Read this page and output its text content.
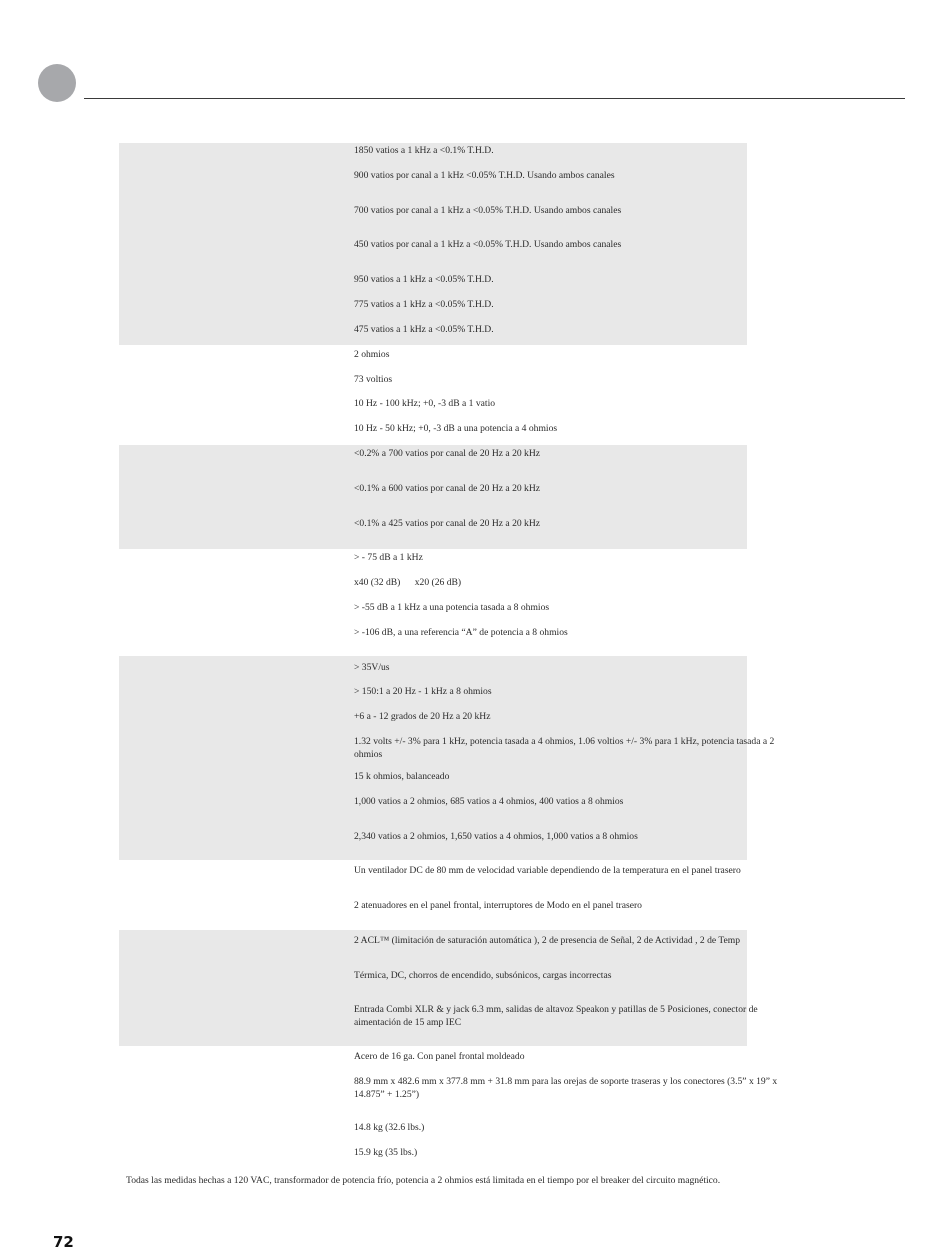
1850 vatios a 1 kHz a <0.1% T.H.D.
900 vatios por canal a 1 kHz <0.05% T.H.D. Usando ambos canales
700 vatios por canal a 1 kHz a <0.05% T.H.D. Usando ambos canales
450 vatios por canal a 1 kHz a <0.05% T.H.D. Usando ambos canales
950 vatios a 1 kHz a <0.05% T.H.D.
775 vatios a 1 kHz a <0.05% T.H.D.
475 vatios a 1 kHz a <0.05% T.H.D.
2 ohmios
73 voltios
10 Hz - 100 kHz; +0, -3 dB a 1 vatio
10 Hz - 50 kHz; +0, -3 dB a una potencia a 4 ohmios
<0.2% a 700 vatios por canal de 20 Hz a 20 kHz
<0.1% a 600 vatios por canal de 20 Hz a 20 kHz
<0.1% a 425 vatios por canal de 20 Hz a 20 kHz
> - 75 dB a 1 kHz
x40 (32 dB)      x20 (26 dB)
> -55 dB a 1 kHz a una potencia tasada a 8 ohmios
> -106 dB, a una referencia “A” de potencia a 8 ohmios
> 35V/us
> 150:1 a 20 Hz - 1 kHz a 8 ohmios
+6 a - 12 grados de 20 Hz a 20 kHz
1.32 volts +/- 3% para 1 kHz, potencia tasada a 4 ohmios, 1.06 voltios +/- 3% para 1 kHz, potencia tasada a 2 ohmios
15 k ohmios, balanceado
1,000 vatios a 2 ohmios, 685 vatios a 4 ohmios, 400 vatios a 8 ohmios
2,340 vatios a 2 ohmios, 1,650 vatios a 4 ohmios, 1,000 vatios a 8 ohmios
Un ventilador DC de 80 mm de velocidad variable dependiendo de la temperatura en el panel trasero
2 atenuadores en el panel frontal, interruptores de Modo en el panel trasero
2 ACL™ (limitación de saturación automática ), 2 de presencia de Señal, 2 de Actividad , 2 de Temp
Térmica, DC, chorros de encendido, subsónicos, cargas incorrectas
Entrada Combi XLR & y jack 6.3 mm, salidas de altavoz Speakon y patillas de 5 Posiciones, conector de aimentación de 15 amp IEC
Acero de 16 ga. Con panel frontal moldeado
88.9 mm x 482.6 mm x 377.8 mm + 31.8 mm para las orejas de soporte traseras y los conectores (3.5” x 19” x 14.875” + 1.25”)
14.8 kg (32.6 lbs.)
15.9 kg (35 lbs.)
Todas las medidas hechas a 120 VAC, transformador de potencia frío, potencia a 2 ohmios está limitada en el tiempo por el breaker del circuito magnético.
72
